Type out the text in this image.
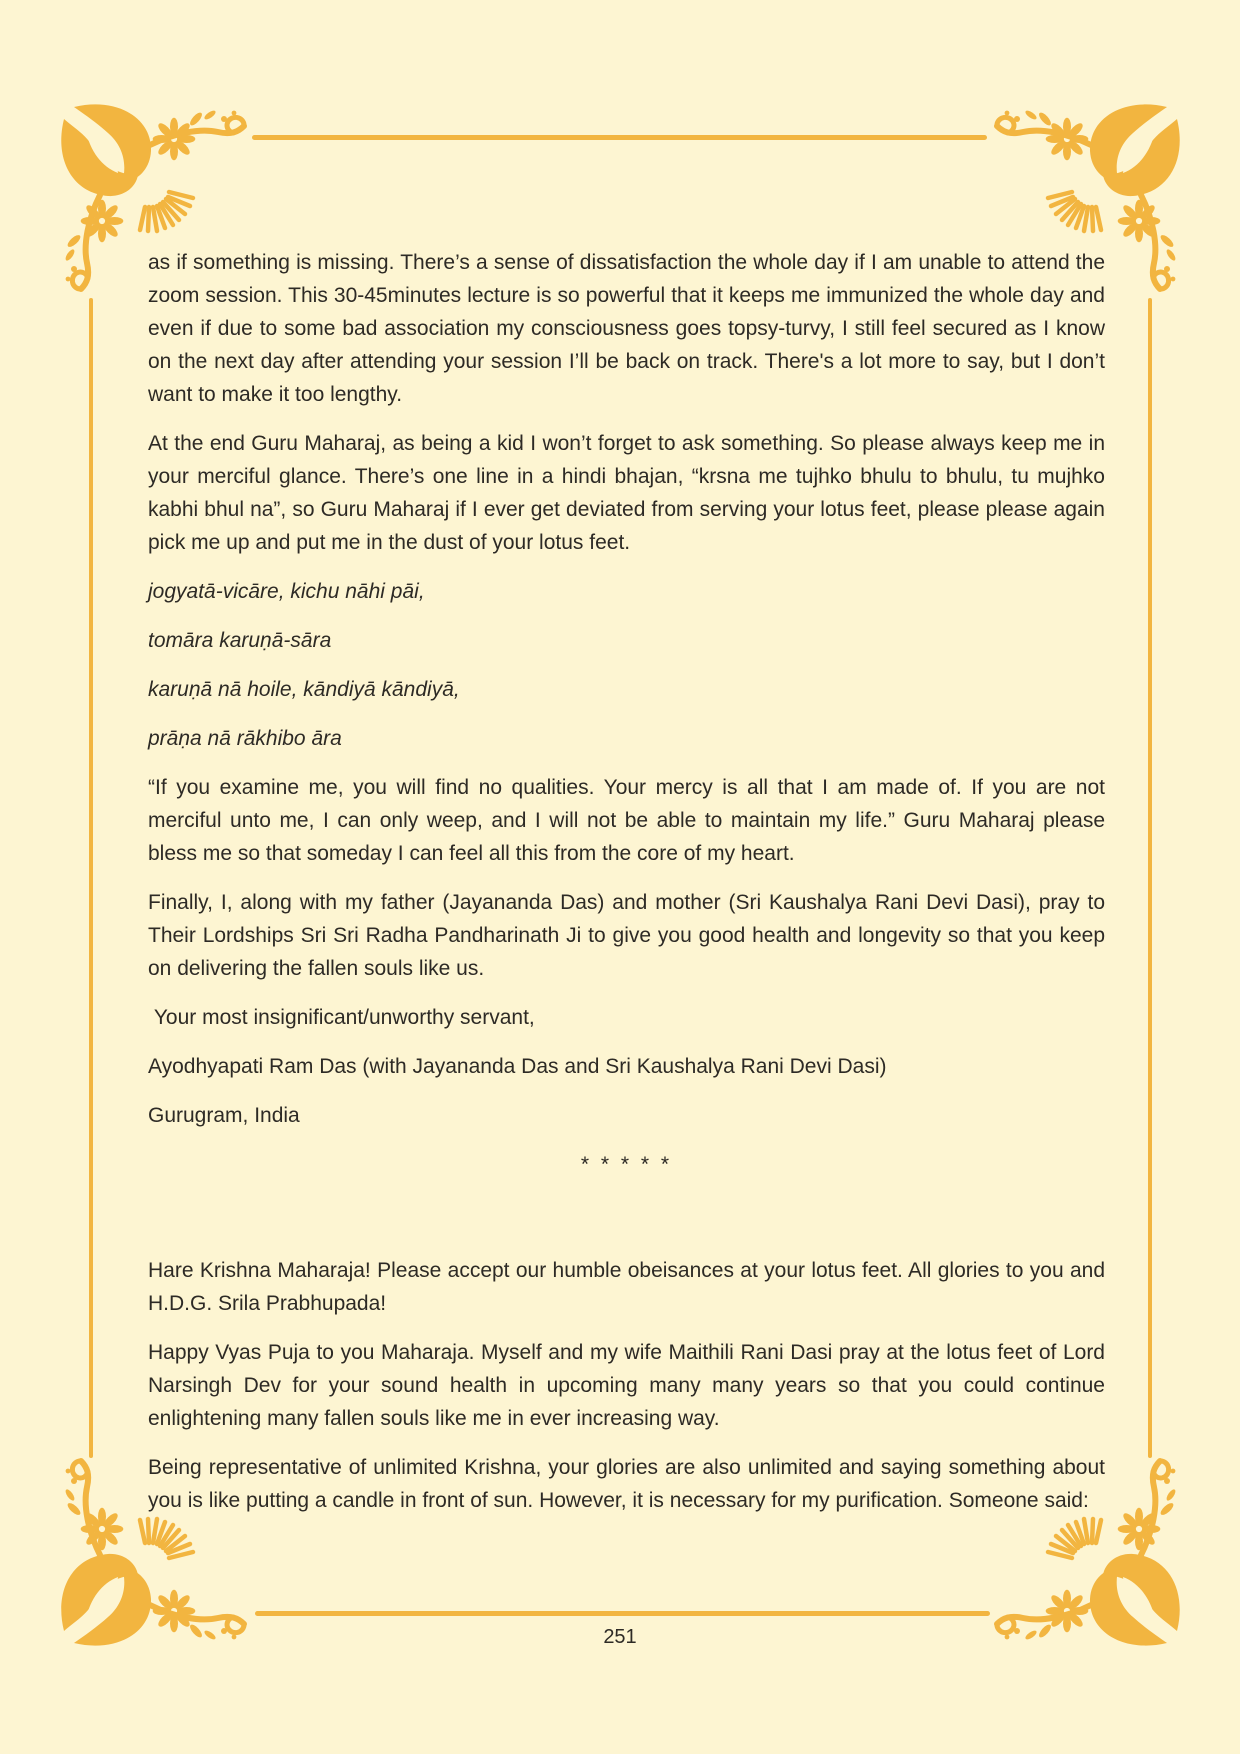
as if something is missing. There’s a sense of dissatisfaction the whole day if I am unable to attend the zoom session. This 30-45minutes lecture is so powerful that it keeps me immunized the whole day and even if due to some bad association my consciousness goes topsy-turvy, I still feel secured as I know on the next day after attending your session I’ll be back on track. There's a lot more to say, but I don’t want to make it too lengthy.

At the end Guru Maharaj, as being a kid I won’t forget to ask something. So please always keep me in your merciful glance. There’s one line in a hindi bhajan, “krsna me tujhko bhulu to bhulu, tu mujhko kabhi bhul na”, so Guru Maharaj if I ever get deviated from serving your lotus feet, please please again pick me up and put me in the dust of your lotus feet.

jogyatā-vicāre, kichu nāhi pāi,

tomāra karuṇā-sāra

karuṇā nā hoile, kāndiyā kāndiyā,

prāṇa nā rākhibo āra

“If you examine me, you will find no qualities. Your mercy is all that I am made of. If you are not merciful unto me, I can only weep, and I will not be able to maintain my life.” Guru Maharaj please bless me so that someday I can feel all this from the core of my heart.

Finally, I, along with my father (Jayananda Das) and mother (Sri Kaushalya Rani Devi Dasi), pray to Their Lordships Sri Sri Radha Pandharinath Ji to give you good health and longevity so that you keep on delivering the fallen souls like us.

Your most insignificant/unworthy servant,

Ayodhyapati Ram Das (with Jayananda Das and Sri Kaushalya Rani Devi Dasi)

Gurugram, India

* * * * *

Hare Krishna Maharaja! Please accept our humble obeisances at your lotus feet. All glories to you and H.D.G. Srila Prabhupada!

Happy Vyas Puja to you Maharaja. Myself and my wife Maithili Rani Dasi pray at the lotus feet of Lord Narsingh Dev for your sound health in upcoming many many years so that you could continue enlightening many fallen souls like me in ever increasing way.

Being representative of unlimited Krishna, your glories are also unlimited and saying something about you is like putting a candle in front of sun. However, it is necessary for my purification. Someone said:

251
